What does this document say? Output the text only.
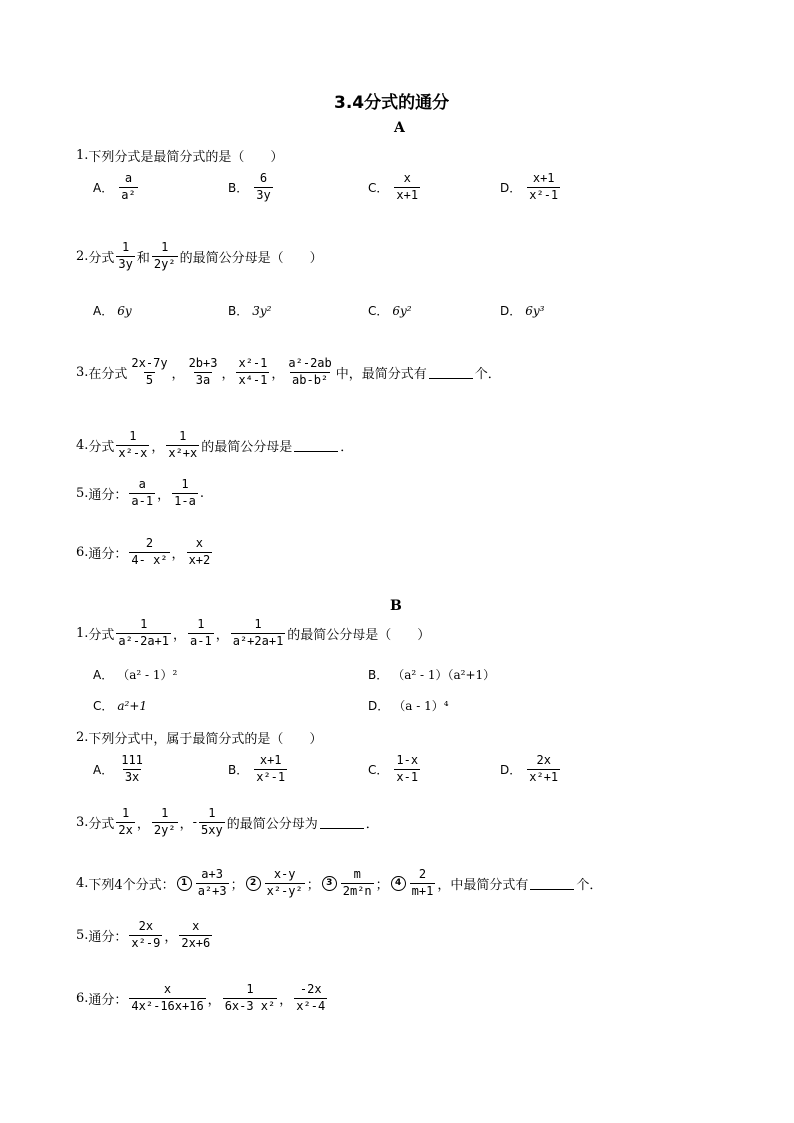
3.4分式的通分
A
1. 下列分式是最简分式的是（　　）
A． $\frac{a}{\text{a²}}$	B． $\frac{6}{3y}$	C． $\frac{x}{x+1}$	D． $\frac{x+1}{\text{x²-1}}$
2. 分式 $\frac{1}{3y}$ 和 $\frac{1}{\text{2y²}}$ 的最简公分母是（　　）
A． 6y	B． 3y²	C． 6y²	D． 6y³
3. 在分式 $\frac{2x-7y}{5}$ ， $\frac{2b+3}{3a}$ ， $\frac{\text{x²-1}}{\text{x⁴-1}}$ ， $\frac{\text{a²-2ab}}{\text{ab-b²}}$ 中，最简分式有	个．
4. 分式 $\frac{1}{\text{x²-x}}$ ， $\frac{1}{\text{x²+x}}$ 的最简公分母是	．
5. 通分： $\frac{a}{a-1}$ ， $\frac{1}{1-a}$ .
6. 通分： $\frac{2}{\text{4- x²}}$ ， $\frac{x}{x+2}$
B
1. 分式 $\frac{1}{\text{a²-2a+1}}$ ， $\frac{1}{a-1}$ ， $\frac{1}{\text{a²+2a+1}}$ 的最简公分母是（　　）
A． （a² - 1）²	B． （a² - 1）（a²+1）
C． a²+1	D． （a - 1）⁴
2. 下列分式中，属于最简分式的是（　　）
A． $\frac{111}{3x}$	B． $\frac{x+1}{\text{x²-1}}$	C． $\frac{1-x}{x-1}$	D． $\frac{2x}{\text{x²+1}}$
3. 分式 $\frac{1}{2x}$ ， $\frac{1}{\text{2y²}}$ ， - $\frac{1}{5xy}$ 的最简公分母为	．
4. 下列4个分式： $1 \frac{a+3}{\text{a²+3}}$ ； $2 \frac{x-y}{\text{x²-y²}}$ ； $3 \frac{m}{\text{2m²n}}$ ； $4 \frac{2}{m+1}$ ， 中最简分式有	个．
5. 通分： $\frac{2x}{\text{x²-9}}$ ， $\frac{x}{2x+6}$
6. 通分： $\frac{x}{\text{4x²-16x+16}}$ ， $\frac{1}{\text{6x-3 x²}}$ ， $\frac{-2x}{\text{x²-4}}$
